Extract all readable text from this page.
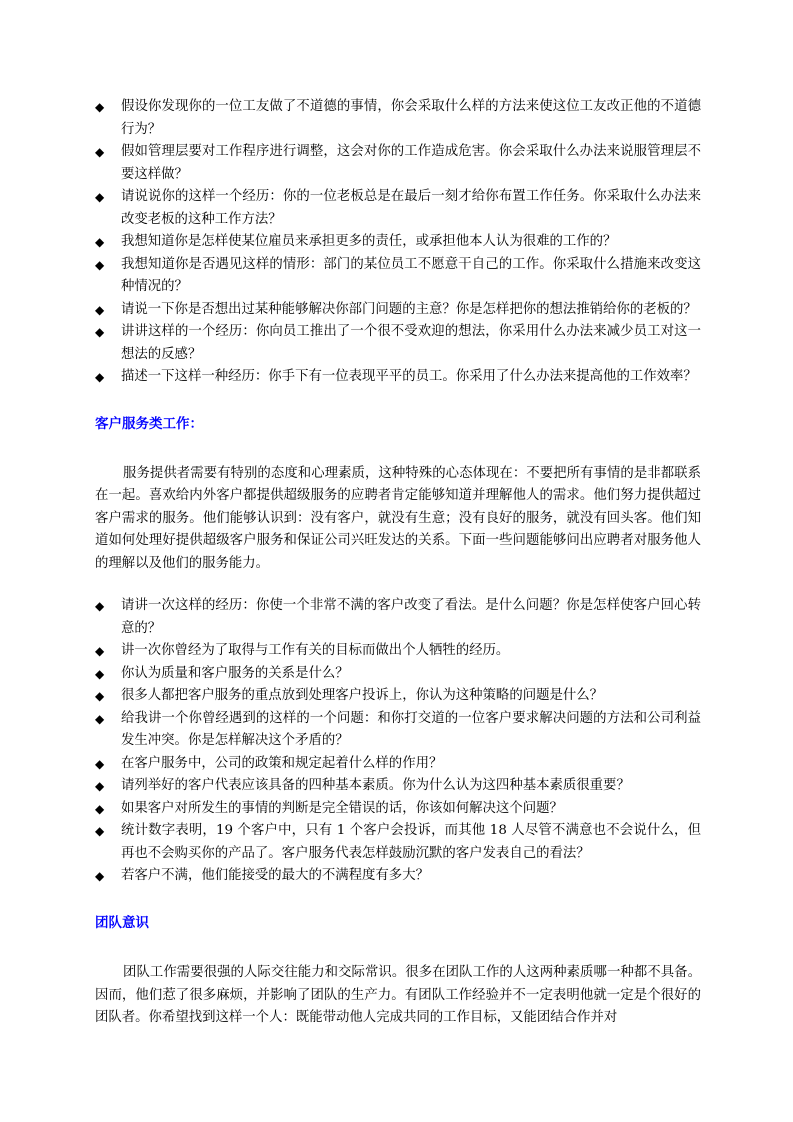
◆ 假设你发现你的一位工友做了不道德的事情，你会采取什么样的方法来使这位工友改正他的不道德行为？
◆ 假如管理层要对工作程序进行调整，这会对你的工作造成危害。你会采取什么办法来说服管理层不要这样做？
◆ 请说说你的这样一个经历：你的一位老板总是在最后一刻才给你布置工作任务。你采取什么办法来改变老板的这种工作方法？
◆ 我想知道你是怎样使某位雇员来承担更多的责任，或承担他本人认为很难的工作的？
◆ 我想知道你是否遇见这样的情形：部门的某位员工不愿意干自己的工作。你采取什么措施来改变这种情况的？
◆ 请说一下你是否想出过某种能够解决你部门问题的主意？你是怎样把你的想法推销给你的老板的？
◆ 讲讲这样的一个经历：你向员工推出了一个很不受欢迎的想法，你采用什么办法来减少员工对这一想法的反感？
◆ 描述一下这样一种经历：你手下有一位表现平平的员工。你采用了什么办法来提高他的工作效率？
客户服务类工作：

服务提供者需要有特别的态度和心理素质，这种特殊的心态体现在：不要把所有事情的是非都联系在一起。喜欢给内外客户都提供超级服务的应聘者肯定能够知道并理解他人的需求。他们努力提供超过客户需求的服务。他们能够认识到：没有客户，就没有生意；没有良好的服务，就没有回头客。他们知道如何处理好提供超级客户服务和保证公司兴旺发达的关系。下面一些问题能够问出应聘者对服务他人的理解以及他们的服务能力。

◆ 请讲一次这样的经历：你使一个非常不满的客户改变了看法。是什么问题？你是怎样使客户回心转意的？
◆ 讲一次你曾经为了取得与工作有关的目标而做出个人牺牲的经历。
◆ 你认为质量和客户服务的关系是什么？
◆ 很多人都把客户服务的重点放到处理客户投诉上，你认为这种策略的问题是什么？
◆ 给我讲一个你曾经遇到的这样的一个问题：和你打交道的一位客户要求解决问题的方法和公司利益发生冲突。你是怎样解决这个矛盾的？
◆ 在客户服务中，公司的政策和规定起着什么样的作用？
◆ 请列举好的客户代表应该具备的四种基本素质。你为什么认为这四种基本素质很重要？
◆ 如果客户对所发生的事情的判断是完全错误的话，你该如何解决这个问题？
◆ 统计数字表明，19 个客户中，只有 1 个客户会投诉，而其他 18 人尽管不满意也不会说什么，但再也不会购买你的产品了。客户服务代表怎样鼓励沉默的客户发表自己的看法？
◆ 若客户不满，他们能接受的最大的不满程度有多大？
团队意识

团队工作需要很强的人际交往能力和交际常识。很多在团队工作的人这两种素质哪一种都不具备。因而，他们惹了很多麻烦，并影响了团队的生产力。有团队工作经验并不一定表明他就一定是个很好的团队者。你希望找到这样一个人：既能带动他人完成共同的工作目标，又能团结合作并对
